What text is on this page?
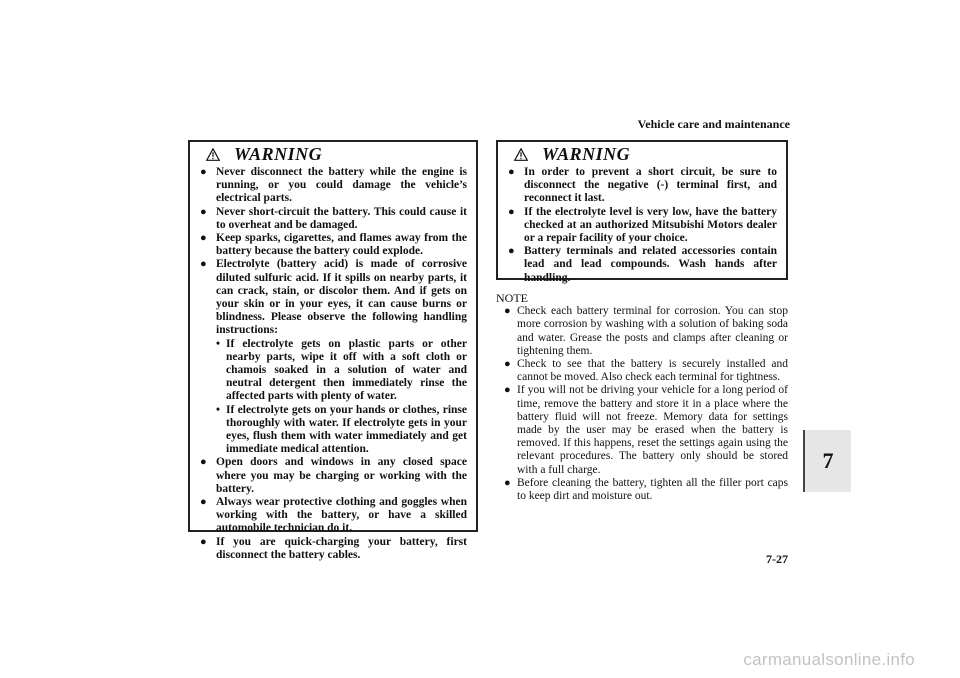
Vehicle care and maintenance
7
WARNING
● Never disconnect the battery while the engine is running, or you could damage the vehicle’s electrical parts.
● Never short-circuit the battery. This could cause it to overheat and be damaged.
● Keep sparks, cigarettes, and flames away from the battery because the battery could explode.
● Electrolyte (battery acid) is made of corrosive diluted sulfuric acid. If it spills on nearby parts, it can crack, stain, or discolor them. And if gets on your skin or in your eyes, it can cause burns or blindness. Please observe the following handling instructions:
• If electrolyte gets on plastic parts or other nearby parts, wipe it off with a soft cloth or chamois soaked in a solution of water and neutral detergent then immediately rinse the affected parts with plenty of water.
• If electrolyte gets on your hands or clothes, rinse thoroughly with water. If electrolyte gets in your eyes, flush them with water immediately and get immediate medical attention.
● Open doors and windows in any closed space where you may be charging or working with the battery.
● Always wear protective clothing and goggles when working with the battery, or have a skilled automobile technician do it.
● If you are quick-charging your battery, first disconnect the battery cables.
WARNING
● In order to prevent a short circuit, be sure to disconnect the negative (-) terminal first, and reconnect it last.
● If the electrolyte level is very low, have the battery checked at an authorized Mitsubishi Motors dealer or a repair facility of your choice.
● Battery terminals and related accessories contain lead and lead compounds. Wash hands after handling.
NOTE
● Check each battery terminal for corrosion. You can stop more corrosion by washing with a solution of baking soda and water. Grease the posts and clamps after cleaning or tightening them.
● Check to see that the battery is securely installed and cannot be moved. Also check each terminal for tightness.
● If you will not be driving your vehicle for a long period of time, remove the battery and store it in a place where the battery fluid will not freeze. Memory data for settings made by the user may be erased when the battery is removed. If this happens, reset the settings again using the relevant procedures. The battery only should be stored with a full charge.
● Before cleaning the battery, tighten all the filler port caps to keep dirt and moisture out.
7-27
carmanualsonline.info
